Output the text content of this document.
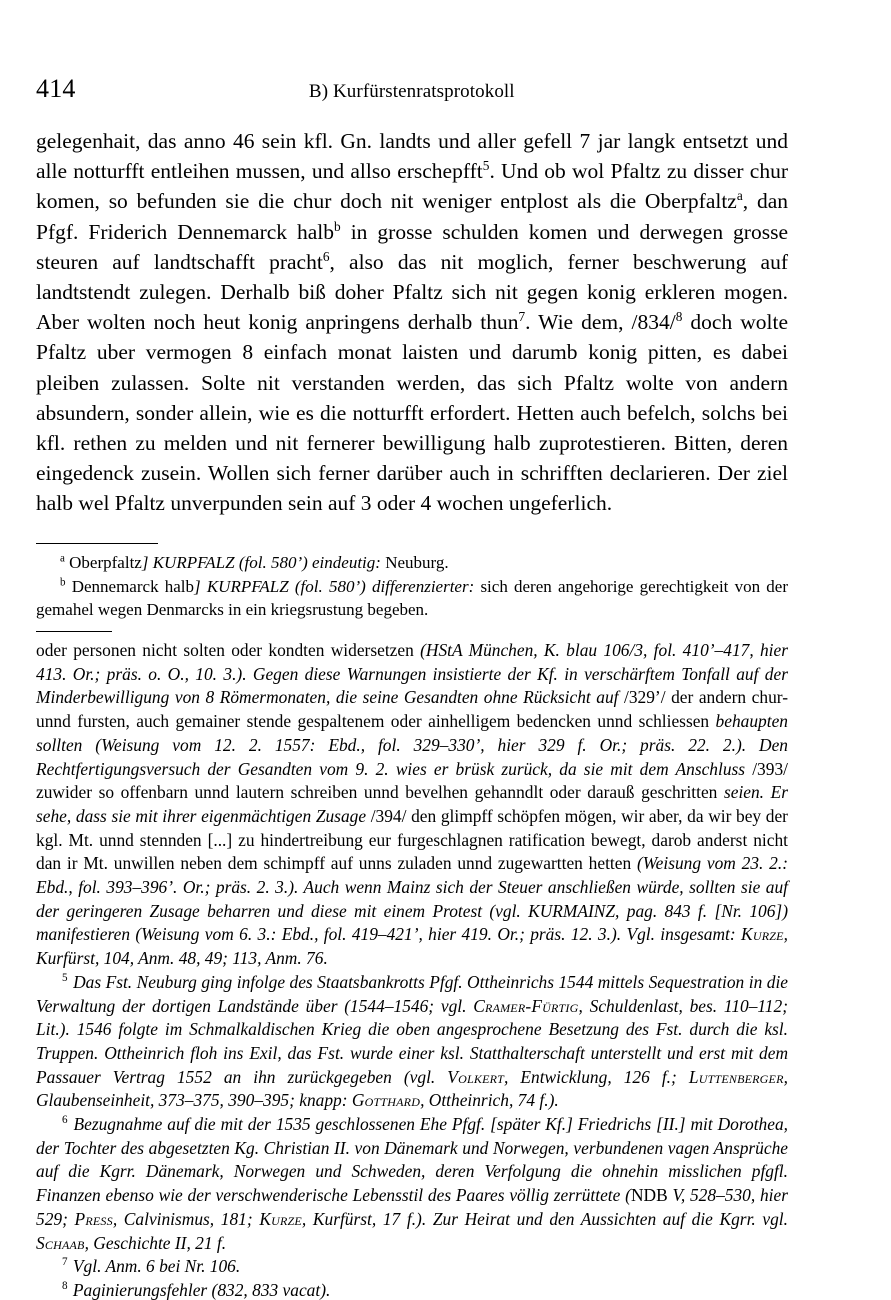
414	B) Kurfürstenratsprotokoll

gelegenhait, das anno 46 sein kfl. Gn. landts und aller gefell 7 jar langk entsetzt und alle notturfft entleihen mussen, und allso erschepfft$^5$. Und ob wol Pfaltz zu disser chur komen, so befunden sie die chur doch nit weniger entplost als die Oberpfaltz$^a$, dan Pfgf. Friderich Dennemarck halb$^b$ in grosse schulden komen und derwegen grosse steuren auf landtschafft pracht$^6$, also das nit moglich, ferner beschwerung auf landtstendt zulegen. Derhalb biß doher Pfaltz sich nit gegen konig erkleren mogen. Aber wolten noch heut konig anpringens derhalb thun$^7$. Wie dem, /834/$^8$ doch wolte Pfaltz uber vermogen 8 einfach monat laisten und darumb konig pitten, es dabei pleiben zulassen. Solte nit verstanden werden, das sich Pfaltz wolte von andern absundern, sonder allein, wie es die notturfft erfordert. Hetten auch befelch, solchs bei kfl. rethen zu melden und nit fernerer bewilligung halb zuprotestieren. Bitten, deren eingedenck zusein. Wollen sich ferner darüber auch in schrifften declarieren. Der ziel halb wel Pfaltz unverpunden sein auf 3 oder 4 wochen ungeferlich.

$^a$ Oberpfaltz] KURPFALZ (fol. 580’) eindeutig: Neuburg.

$^b$ Dennemarck halb] KURPFALZ (fol. 580’) differenzierter: sich deren angehorige gerechtigkeit von der gemahel wegen Denmarcks in ein kriegsrustung begeben.

oder personen nicht solten oder kondten widersetzen (HStA München, K. blau 106/3, fol. 410’–417, hier 413. Or.; präs. o. O., 10. 3.). Gegen diese Warnungen insistierte der Kf. in verschärftem Tonfall auf der Minderbewilligung von 8 Römermonaten, die seine Gesandten ohne Rücksicht auf /329’/ der andern chur- unnd fursten, auch gemainer stende gespaltenem oder ainhelligem bedencken unnd schliessen behaupten sollten (Weisung vom 12. 2. 1557: Ebd., fol. 329–330’, hier 329 f. Or.; präs. 22. 2.). Den Rechtfertigungsversuch der Gesandten vom 9. 2. wies er brüsk zurück, da sie mit dem Anschluss /393/ zuwider so offenbarn unnd lautern schreiben unnd bevelhen gehanndlt oder darauß geschritten seien. Er sehe, dass sie mit ihrer eigenmächtigen Zusage /394/ den glimpff schöpfen mögen, wir aber, da wir bey der kgl. Mt. unnd stennden [...] zu hindertreibung eur furgeschlagnen ratification bewegt, darob anderst nicht dan ir Mt. unwillen neben dem schimpff auf unns zuladen unnd zugewartten hetten (Weisung vom 23. 2.: Ebd., fol. 393–396’. Or.; präs. 2. 3.). Auch wenn Mainz sich der Steuer anschließen würde, sollten sie auf der geringeren Zusage beharren und diese mit einem Protest (vgl. KURMAINZ, pag. 843 f. [Nr. 106]) manifestieren (Weisung vom 6. 3.: Ebd., fol. 419–421’, hier 419. Or.; präs. 12. 3.). Vgl. insgesamt: Kurze, Kurfürst, 104, Anm. 48, 49; 113, Anm. 76.

$^5$ Das Fst. Neuburg ging infolge des Staatsbankrotts Pfgf. Ottheinrichs 1544 mittels Sequestration in die Verwaltung der dortigen Landstände über (1544–1546; vgl. Cramer-Fürtig, Schuldenlast, bes. 110–112; Lit.). 1546 folgte im Schmalkaldischen Krieg die oben angesprochene Besetzung des Fst. durch die ksl. Truppen. Ottheinrich floh ins Exil, das Fst. wurde einer ksl. Statthalterschaft unterstellt und erst mit dem Passauer Vertrag 1552 an ihn zurückgegeben (vgl. Volkert, Entwicklung, 126 f.; Luttenberger, Glaubenseinheit, 373–375, 390–395; knapp: Gotthard, Ottheinrich, 74 f.).

$^6$ Bezugnahme auf die mit der 1535 geschlossenen Ehe Pfgf. [später Kf.] Friedrichs [II.] mit Dorothea, der Tochter des abgesetzten Kg. Christian II. von Dänemark und Norwegen, verbundenen vagen Ansprüche auf die Kgrr. Dänemark, Norwegen und Schweden, deren Verfolgung die ohnehin misslichen pfgfl. Finanzen ebenso wie der verschwenderische Lebensstil des Paares völlig zerrüttete (NDB V, 528–530, hier 529; Press, Calvinismus, 181; Kurze, Kurfürst, 17 f.). Zur Heirat und den Aussichten auf die Kgrr. vgl. Schaab, Geschichte II, 21 f.

$^7$ Vgl. Anm. 6 bei Nr. 106.

$^8$ Paginierungsfehler (832, 833 vacat).
